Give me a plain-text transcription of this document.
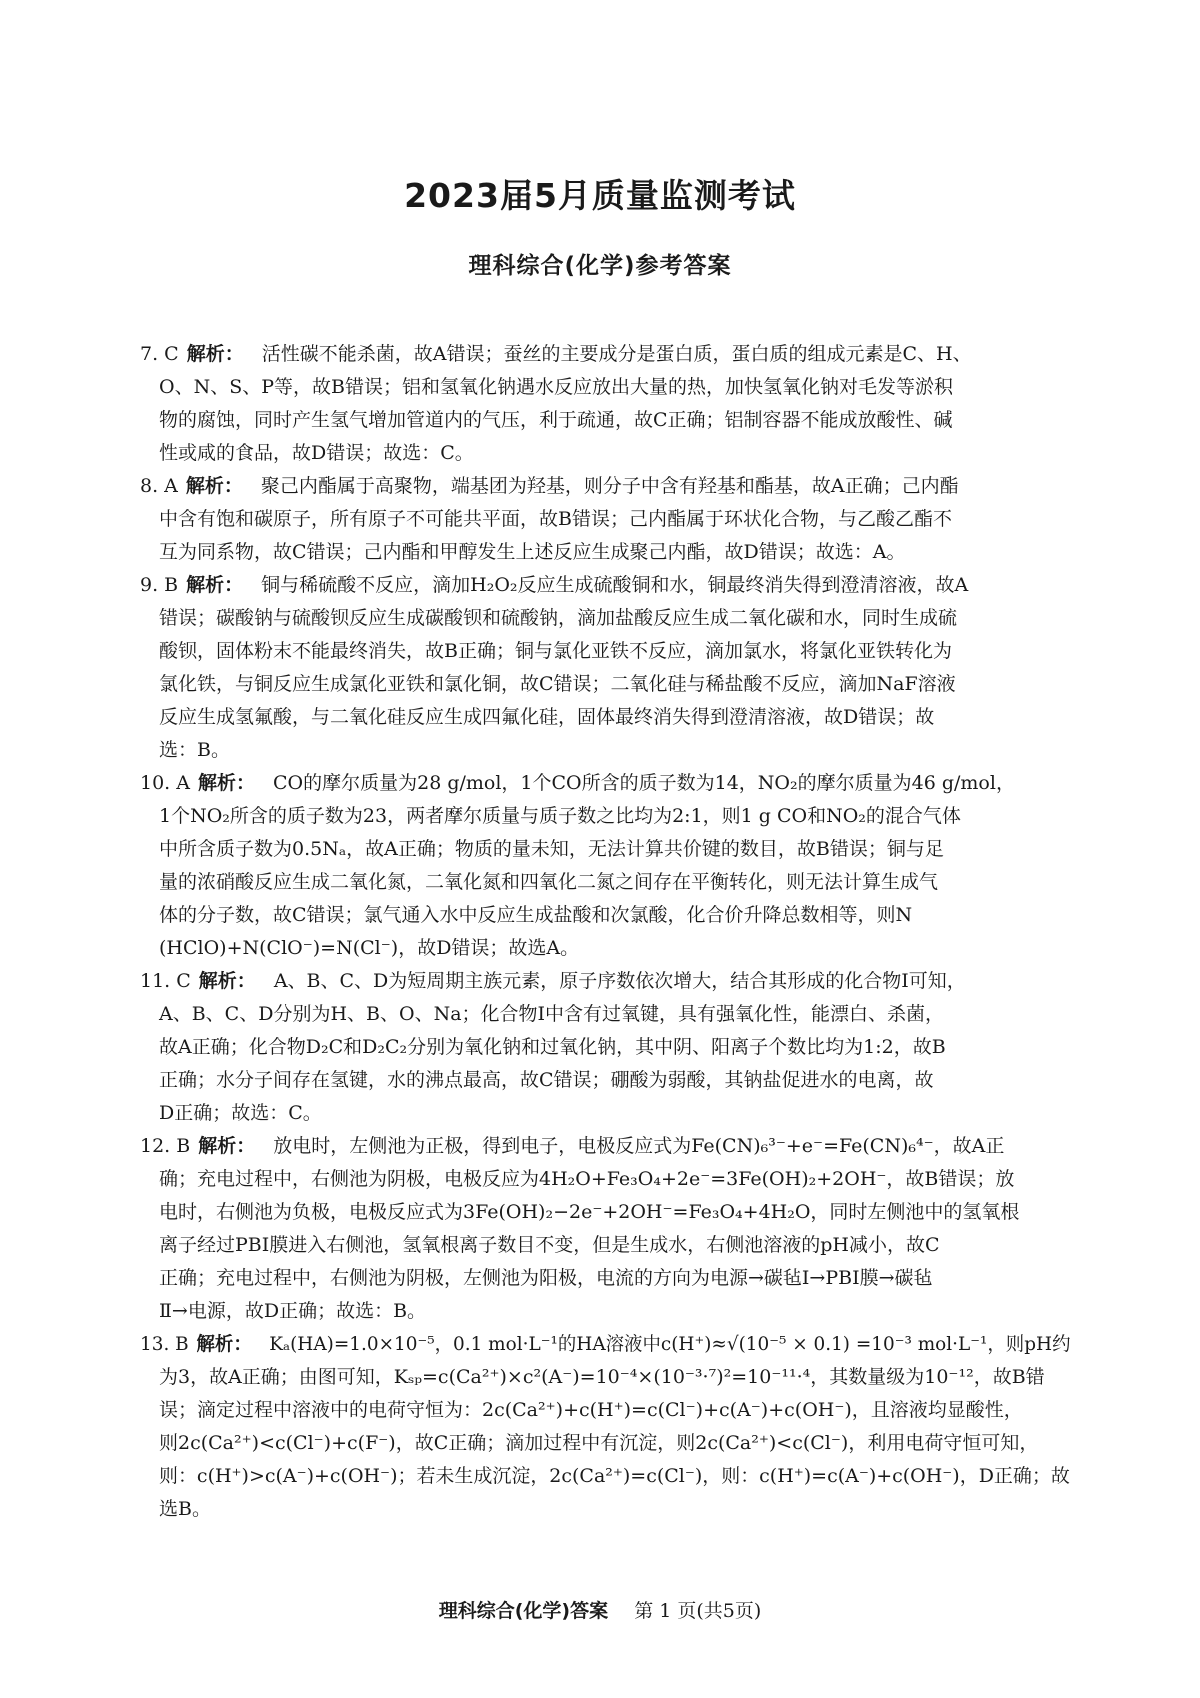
2023届5月质量监测考试
理科综合(化学)参考答案
7. C 解析： 活性碳不能杀菌，故A错误；蚕丝的主要成分是蛋白质，蛋白质的组成元素是C、H、
O、N、S、P等，故B错误；铝和氢氧化钠遇水反应放出大量的热，加快氢氧化钠对毛发等淤积
物的腐蚀，同时产生氢气增加管道内的气压，利于疏通，故C正确；铝制容器不能成放酸性、碱
性或咸的食品，故D错误；故选：C。
8. A 解析： 聚己内酯属于高聚物，端基团为羟基，则分子中含有羟基和酯基，故A正确；己内酯
中含有饱和碳原子，所有原子不可能共平面，故B错误；己内酯属于环状化合物，与乙酸乙酯不
互为同系物，故C错误；己内酯和甲醇发生上述反应生成聚己内酯，故D错误；故选：A。
9. B 解析： 铜与稀硫酸不反应，滴加H₂O₂反应生成硫酸铜和水，铜最终消失得到澄清溶液，故A
错误；碳酸钠与硫酸钡反应生成碳酸钡和硫酸钠，滴加盐酸反应生成二氧化碳和水，同时生成硫
酸钡，固体粉末不能最终消失，故B正确；铜与氯化亚铁不反应，滴加氯水，将氯化亚铁转化为
氯化铁，与铜反应生成氯化亚铁和氯化铜，故C错误；二氧化硅与稀盐酸不反应，滴加NaF溶液
反应生成氢氟酸，与二氧化硅反应生成四氟化硅，固体最终消失得到澄清溶液，故D错误；故
选：B。
10. A 解析： CO的摩尔质量为28 g/mol，1个CO所含的质子数为14，NO₂的摩尔质量为46 g/mol，
1个NO₂所含的质子数为23，两者摩尔质量与质子数之比均为2:1，则1 g CO和NO₂的混合气体
中所含质子数为0.5Nₐ，故A正确；物质的量未知，无法计算共价键的数目，故B错误；铜与足
量的浓硝酸反应生成二氧化氮，二氧化氮和四氧化二氮之间存在平衡转化，则无法计算生成气
体的分子数，故C错误；氯气通入水中反应生成盐酸和次氯酸，化合价升降总数相等，则N
(HClO)+N(ClO⁻)=N(Cl⁻)，故D错误；故选A。
11. C 解析： A、B、C、D为短周期主族元素，原子序数依次增大，结合其形成的化合物Ⅰ可知，
A、B、C、D分别为H、B、O、Na；化合物Ⅰ中含有过氧键，具有强氧化性，能漂白、杀菌，
故A正确；化合物D₂C和D₂C₂分别为氧化钠和过氧化钠，其中阴、阳离子个数比均为1:2，故B
正确；水分子间存在氢键，水的沸点最高，故C错误；硼酸为弱酸，其钠盐促进水的电离，故
D正确；故选：C。
12. B 解析： 放电时，左侧池为正极，得到电子，电极反应式为Fe(CN)₆³⁻+e⁻=Fe(CN)₆⁴⁻，故A正
确；充电过程中，右侧池为阴极，电极反应为4H₂O+Fe₃O₄+2e⁻=3Fe(OH)₂+2OH⁻，故B错误；放
电时，右侧池为负极，电极反应式为3Fe(OH)₂−2e⁻+2OH⁻=Fe₃O₄+4H₂O，同时左侧池中的氢氧根
离子经过PBI膜进入右侧池，氢氧根离子数目不变，但是生成水，右侧池溶液的pH减小，故C
正确；充电过程中，右侧池为阴极，左侧池为阳极，电流的方向为电源→碳毡Ⅰ→PBI膜→碳毡
Ⅱ→电源，故D正确；故选：B。
13. B 解析： Kₐ(HA)=1.0×10⁻⁵，0.1 mol·L⁻¹的HA溶液中c(H⁺)≈√(10⁻⁵ × 0.1) =10⁻³ mol·L⁻¹，则pH约
为3，故A正确；由图可知，Kₛₚ=c(Ca²⁺)×c²(A⁻)=10⁻⁴×(10⁻³·⁷)²=10⁻¹¹·⁴，其数量级为10⁻¹²，故B错
误；滴定过程中溶液中的电荷守恒为：2c(Ca²⁺)+c(H⁺)=c(Cl⁻)+c(A⁻)+c(OH⁻)，且溶液均显酸性，
则2c(Ca²⁺)<c(Cl⁻)+c(F⁻)，故C正确；滴加过程中有沉淀，则2c(Ca²⁺)<c(Cl⁻)，利用电荷守恒可知，
则：c(H⁺)>c(A⁻)+c(OH⁻)；若未生成沉淀，2c(Ca²⁺)=c(Cl⁻)，则：c(H⁺)=c(A⁻)+c(OH⁻)，D正确；故
选B。
理科综合(化学)答案 第 1 页(共5页)
